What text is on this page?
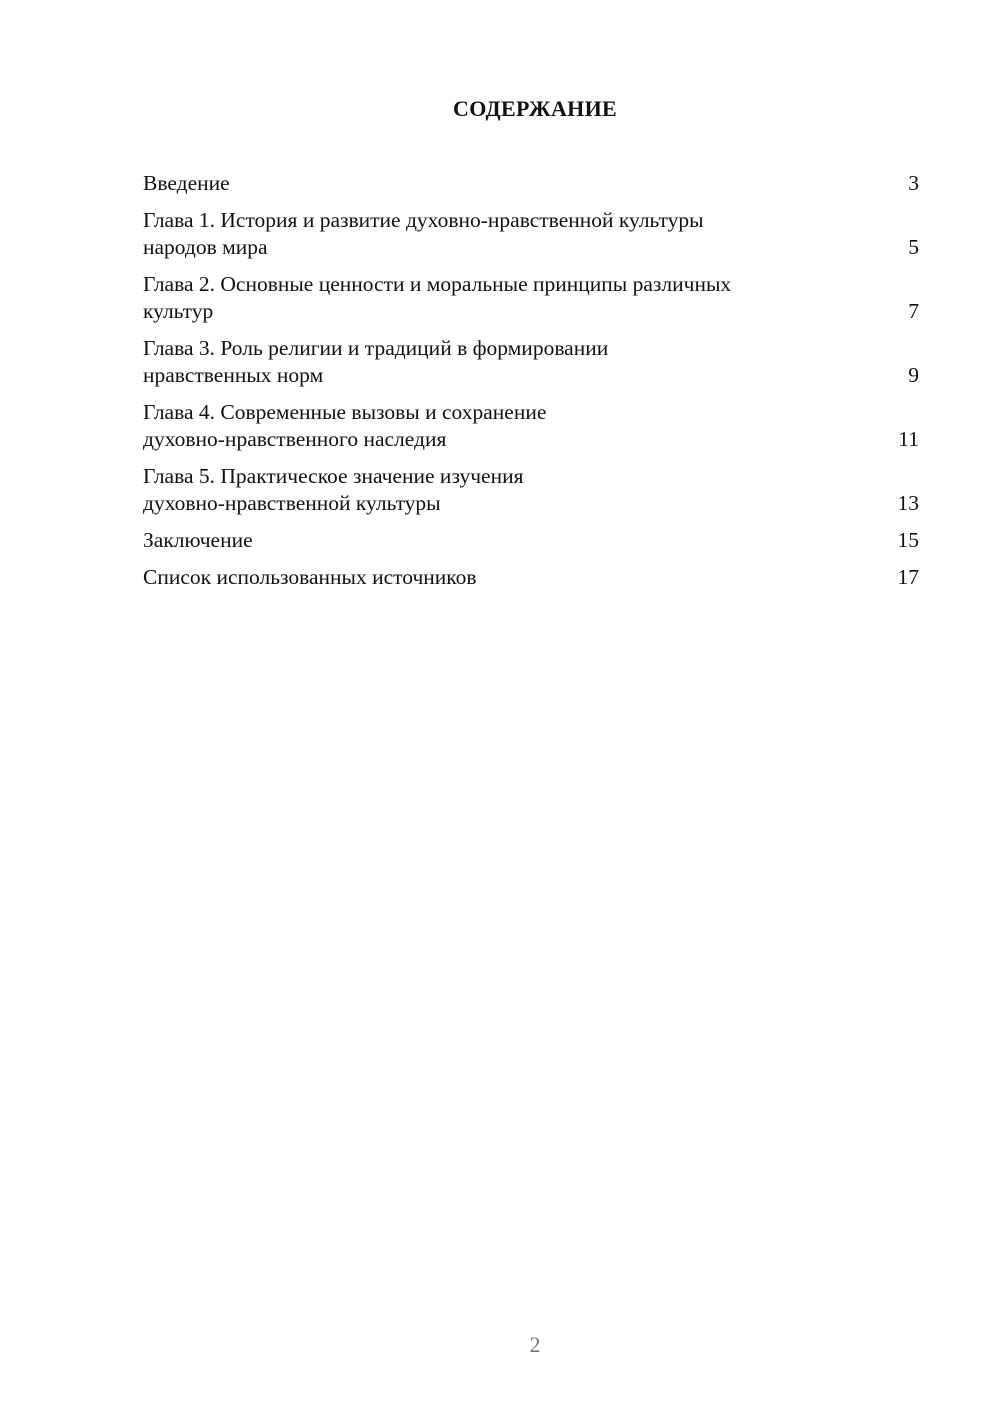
СОДЕРЖАНИЕ
Введение	3
Глава 1. История и развитие духовно-нравственной культуры
народов мира	5
Глава 2. Основные ценности и моральные принципы различных
культур	7
Глава 3. Роль религии и традиций в формировании
нравственных норм	9
Глава 4. Современные вызовы и сохранение
духовно-нравственного наследия	11
Глава 5. Практическое значение изучения
духовно-нравственной культуры	13
Заключение	15
Список использованных источников	17
2
